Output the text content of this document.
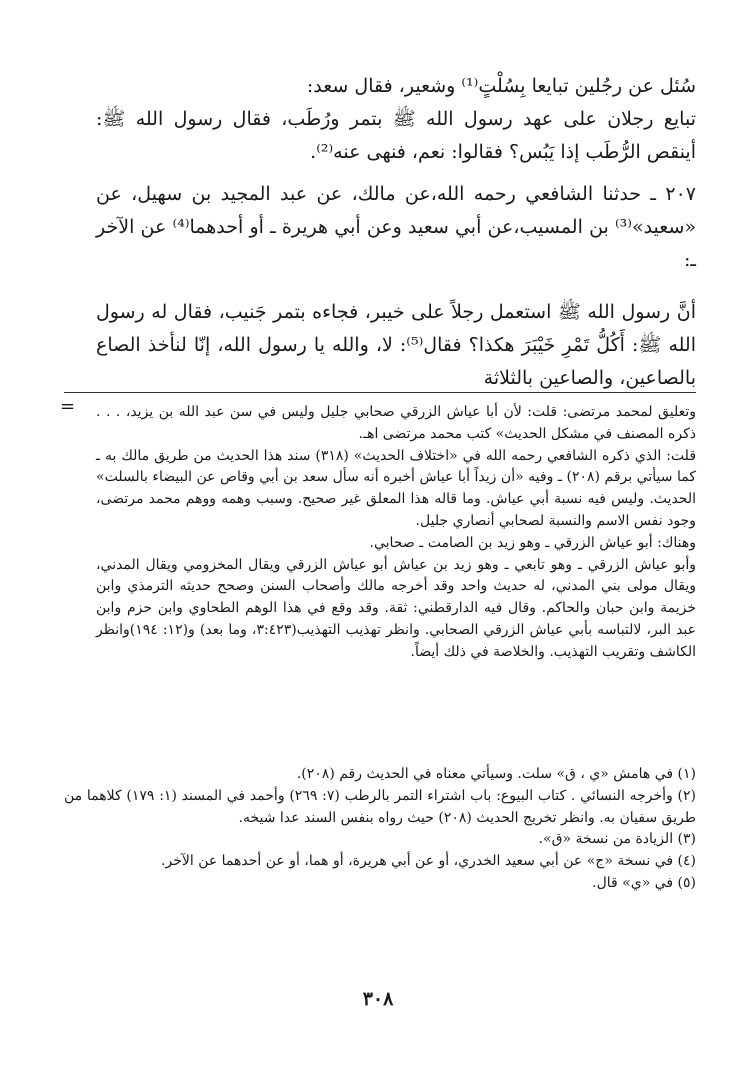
سُئل عن رجُلين تبايعا بِسُلْتٍ⁽¹⁾ وشعير، فقال سعد:

تبايع رجلان على عهد رسول الله ﷺ بتمر ورُطَب، فقال رسول الله ﷺ: أينقص الرُّطَب إذا يَبُس؟ فقالوا: نعم، فنهى عنه⁽²⁾.

٢٠٧ ـ حدثنا الشافعي رحمه الله،عن مالك، عن عبد المجيد بن سهيل، عن «سعيد»⁽³⁾ بن المسيب،عن أبي سعيد وعن أبي هريرة ـ أو أحدهما⁽⁴⁾ عن الآخر ـ:

أنَّ رسول الله ﷺ استعمل رجلاً على خيبر، فجاءه بتمر جَنيب، فقال له رسول الله ﷺ: أَكُلُّ تَمْرِ خَيْبَرَ هكذا؟ فقال⁽⁵⁾: لا، والله يا رسول الله، إنّا لنأخذ الصاع بالصاعين، والصاعين بالثلاثة

= وتعليق لمحمد مرتضى: قلت: لأن أبا عياش الزرقي صحابي جليل وليس في سن عبد الله بن يزيد، . . . ذكره المصنف في مشكل الحديث» كتب محمد مرتضى اهـ.

قلت: الذي ذكره الشافعي رحمه الله في «اختلاف الحديث» (٣١٨) سند هذا الحديث من طريق مالك به ـ كما سيأتي برقم (٢٠٨) ـ وفيه «أن زيداً أبا عياش أخبره أنه سأل سعد بن أبي وقاص عن البيضاء بالسلت» الحديث. وليس فيه نسبة أبي عياش. وما قاله هذا المعلق غير صحيح. وسبب وهمه ووهم محمد مرتضى، وجود نفس الاسم والنسبة لصحابي أنصاري جليل.

وهناك: أبو عياش الزرقي ـ وهو زيد بن الصامت ـ صحابي.

وأبو عياش الزرقي ـ وهو تابعي ـ وهو زيد بن عياش أبو عياش الزرقي ويقال المخزومي ويقال المدني، ويقال مولى بني المدني، له حديث واحد وقد أخرجه مالك وأصحاب السنن وصحح حديثه الترمذي وابن خزيمة وابن حبان والحاكم. وقال فيه الدارقطني: ثقة. وقد وقع في هذا الوهم الطحاوي وابن حزم وابن عبد البر، لالتباسه بأبي عياش الزرقي الصحابي. وانظر تهذيب التهذيب(٣:٤٢٣، وما بعد) و(١٢: ١٩٤)وانظر الكاشف وتقريب التهذيب. والخلاصة في ذلك أيضاً.

(١) في هامش «ي ، ق» سلت. وسيأتي معناه في الحديث رقم (٢٠٨).

(٢) وأخرجه النسائي . كتاب البيوع: باب اشتراء التمر بالرطب (٧: ٢٦٩) وأحمد في المسند (١: ١٧٩) كلاهما من طريق سفيان به. وانظر تخريج الحديث (٢٠٨) حيث رواه بنفس السند عدا شيخه.

(٣) الزيادة من نسخة «ق».

(٤) في نسخة «ج» عن أبي سعيد الخدري، أو عن أبي هريرة، أو هما، أو عن أحدهما عن الآخر.

(٥) في «ي» قال.

٣٠٨
